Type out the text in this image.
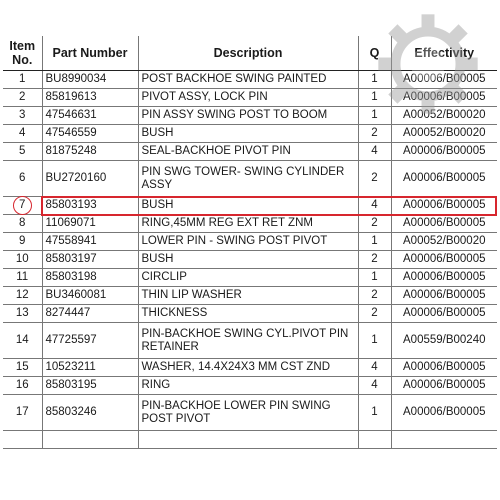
Item No.	Part Number	Description	Q	Effectivity
1	BU8990034	POST BACKHOE SWING PAINTED	1	A00006/B00005
2	85819613	PIVOT ASSY, LOCK PIN	1	A00006/B00005
3	47546631	PIN ASSY SWING POST TO BOOM	1	A00052/B00020
4	47546559	BUSH	2	A00052/B00020
5	81875248	SEAL-BACKHOE PIVOT PIN	4	A00006/B00005
6	BU2720160	PIN SWG TOWER- SWING CYLINDER ASSY	2	A00006/B00005
7	85803193	BUSH	4	A00006/B00005
8	11069071	RING,45MM REG EXT RET ZNM	2	A00006/B00005
9	47558941	LOWER PIN - SWING POST PIVOT	1	A00052/B00020
10	85803197	BUSH	2	A00006/B00005
11	85803198	CIRCLIP	1	A00006/B00005
12	BU3460081	THIN LIP WASHER	2	A00006/B00005
13	8274447	THICKNESS	2	A00006/B00005
14	47725597	PIN-BACKHOE SWING CYL.PIVOT PIN RETAINER	1	A00559/B00240
15	10523211	WASHER, 14.4X24X3 MM CST ZND	4	A00006/B00005
16	85803195	RING	4	A00006/B00005
17	85803246	PIN-BACKHOE LOWER PIN SWING POST PIVOT	1	A00006/B00005
